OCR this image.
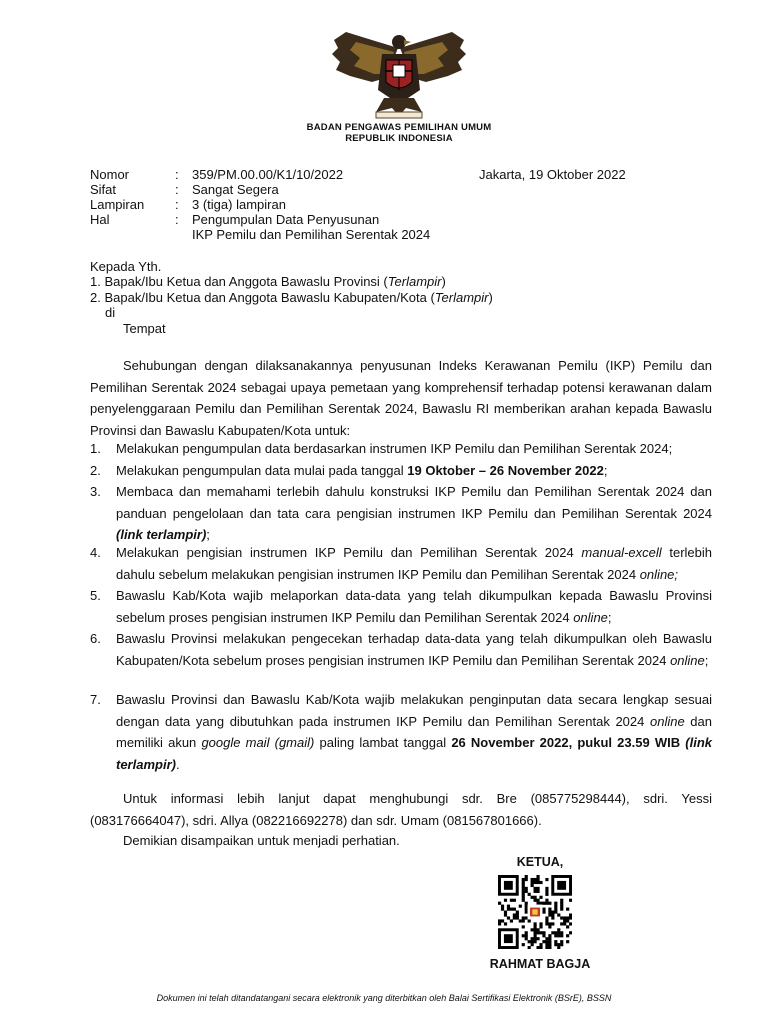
BADAN PENGAWAS PEMILIHAN UMUM
REPUBLIK INDONESIA
Nomor	: 359/PM.00.00/K1/10/2022	Jakarta, 19 Oktober 2022
Sifat	: Sangat Segera
Lampiran : 3 (tiga) lampiran
Hal	: Pengumpulan Data Penyusunan
IKP Pemilu dan Pemilihan Serentak 2024
Kepada Yth.
1. Bapak/Ibu Ketua dan Anggota Bawaslu Provinsi (Terlampir)
2. Bapak/Ibu Ketua dan Anggota Bawaslu Kabupaten/Kota (Terlampir)
di
Tempat
Sehubungan dengan dilaksanakannya penyusunan Indeks Kerawanan Pemilu (IKP) Pemilu dan Pemilihan Serentak 2024 sebagai upaya pemetaan yang komprehensif terhadap potensi kerawanan dalam penyelenggaraan Pemilu dan Pemilihan Serentak 2024, Bawaslu RI memberikan arahan kepada Bawaslu Provinsi dan Bawaslu Kabupaten/Kota untuk:
1. Melakukan pengumpulan data berdasarkan instrumen IKP Pemilu dan Pemilihan Serentak 2024;
2. Melakukan pengumpulan data mulai pada tanggal 19 Oktober – 26 November 2022;
3. Membaca dan memahami terlebih dahulu konstruksi IKP Pemilu dan Pemilihan Serentak 2024 dan panduan pengelolaan dan tata cara pengisian instrumen IKP Pemilu dan Pemilihan Serentak 2024 (link terlampir);
4. Melakukan pengisian instrumen IKP Pemilu dan Pemilihan Serentak 2024 manual-excell terlebih dahulu sebelum melakukan pengisian instrumen IKP Pemilu dan Pemilihan Serentak 2024 online;
5. Bawaslu Kab/Kota wajib melaporkan data-data yang telah dikumpulkan kepada Bawaslu Provinsi sebelum proses pengisian instrumen IKP Pemilu dan Pemilihan Serentak 2024 online;
6. Bawaslu Provinsi melakukan pengecekan terhadap data-data yang telah dikumpulkan oleh Bawaslu Kabupaten/Kota sebelum proses pengisian instrumen IKP Pemilu dan Pemilihan Serentak 2024 online;
7. Bawaslu Provinsi dan Bawaslu Kab/Kota wajib melakukan penginputan data secara lengkap sesuai dengan data yang dibutuhkan pada instrumen IKP Pemilu dan Pemilihan Serentak 2024 online dan memiliki akun google mail (gmail) paling lambat tanggal 26 November 2022, pukul 23.59 WIB (link terlampir).
Untuk informasi lebih lanjut dapat menghubungi sdr. Bre (085775298444), sdri. Yessi (083176664047), sdri. Allya (082216692278) dan sdr. Umam (081567801666).
Demikian disampaikan untuk menjadi perhatian.
KETUA,
RAHMAT BAGJA
Dokumen ini telah ditandatangani secara elektronik yang diterbitkan oleh Balai Sertifikasi Elektronik (BSrE), BSSN
